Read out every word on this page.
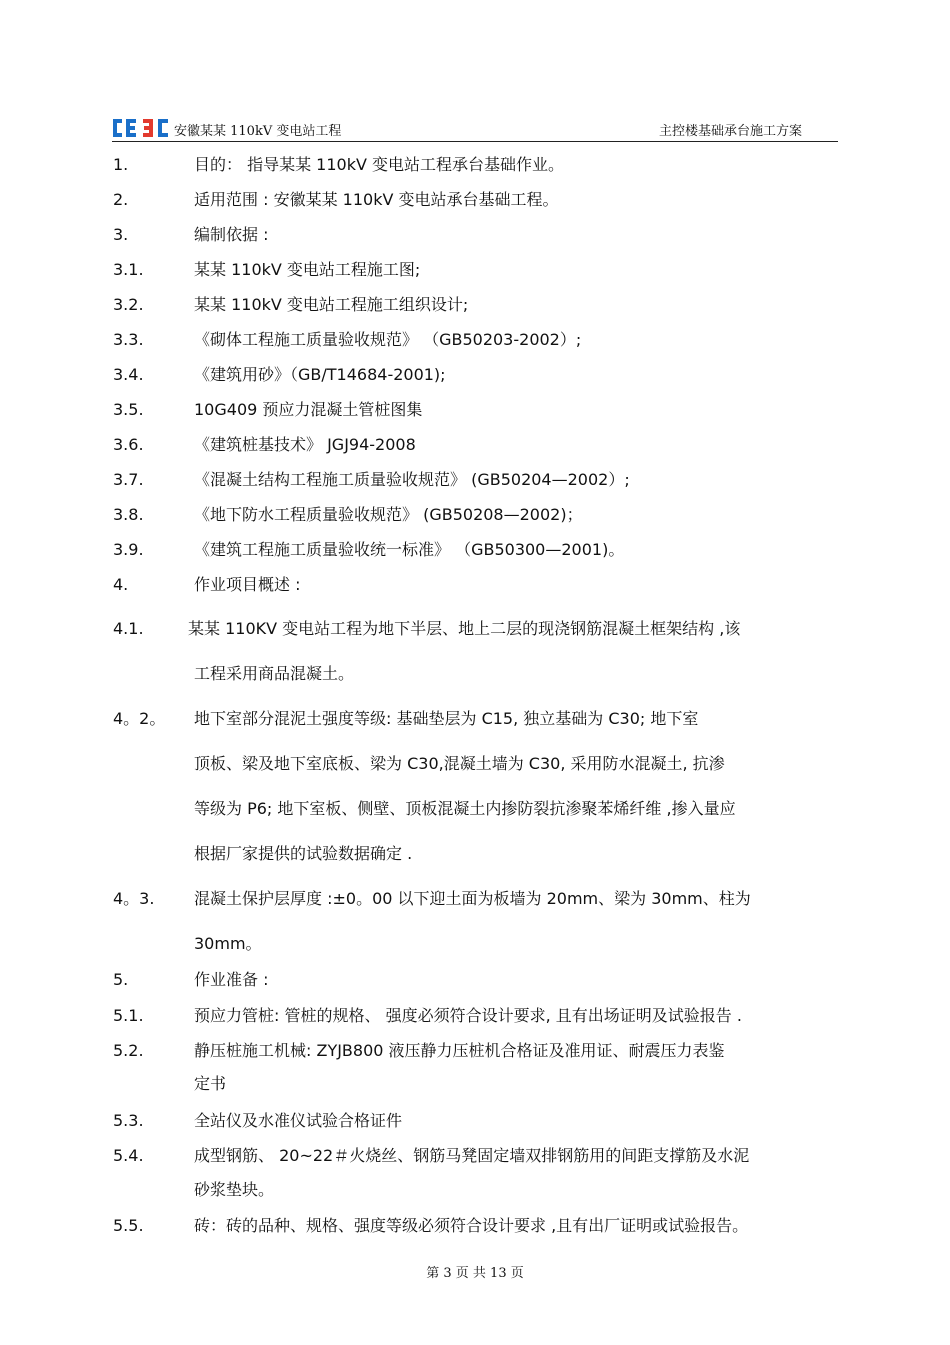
安徽某某 110kV 变电站工程	主控楼基础承台施工方案
1.	目的： 指导某某 110kV 变电站工程承台基础作业。
2.	适用范围 : 安徽某某 110kV 变电站承台基础工程。
3.	编制依据 :
3.1.	某某 110kV 变电站工程施工图;
3.2.	某某 110kV 变电站工程施工组织设计;
3.3.	《砌体工程施工质量验收规范》 （GB50203-2002）;
3.4.	《建筑用砂》（GB/T14684-2001);
3.5.	10G409 预应力混凝土管桩图集
3.6.	《建筑桩基技术》 JGJ94-2008
3.7.	《混凝土结构工程施工质量验收规范》 (GB50204—2002）;
3.8.	《地下防水工程质量验收规范》 (GB50208—2002)；
3.9.	《建筑工程施工质量验收统一标准》 （GB50300—2001)。
4.	作业项目概述 :
4.1.	某某 110KV 变电站工程为地下半层、地上二层的现浇钢筋混凝土框架结构 ,该
工程采用商品混凝土。
4。2。 地下室部分混泥土强度等级: 基础垫层为 C15, 独立基础为 C30; 地下室
顶板、梁及地下室底板、梁为 C30,混凝土墙为 C30, 采用防水混凝土, 抗渗
等级为 P6; 地下室板、侧壁、顶板混凝土内掺防裂抗渗聚苯烯纤维 ,掺入量应
根据厂家提供的试验数据确定 .
4。3. 混凝土保护层厚度 :±0。00 以下迎土面为板墙为 20mm、梁为 30mm、柱为
30mm。
5.	作业准备 :
5.1.	预应力管桩: 管桩的规格、 强度必须符合设计要求, 且有出场证明及试验报告 .
5.2.	静压桩施工机械: ZYJB800 液压静力压桩机合格证及准用证、耐震压力表鉴
定书
5.3.	全站仪及水准仪试验合格证件
5.4.	成型钢筋、 20~22＃火烧丝、钢筋马凳固定墙双排钢筋用的间距支撑筋及水泥
砂浆垫块。
5.5.	砖：砖的品种、规格、强度等级必须符合设计要求 ,且有出厂证明或试验报告。
第 3 页 共 13 页
